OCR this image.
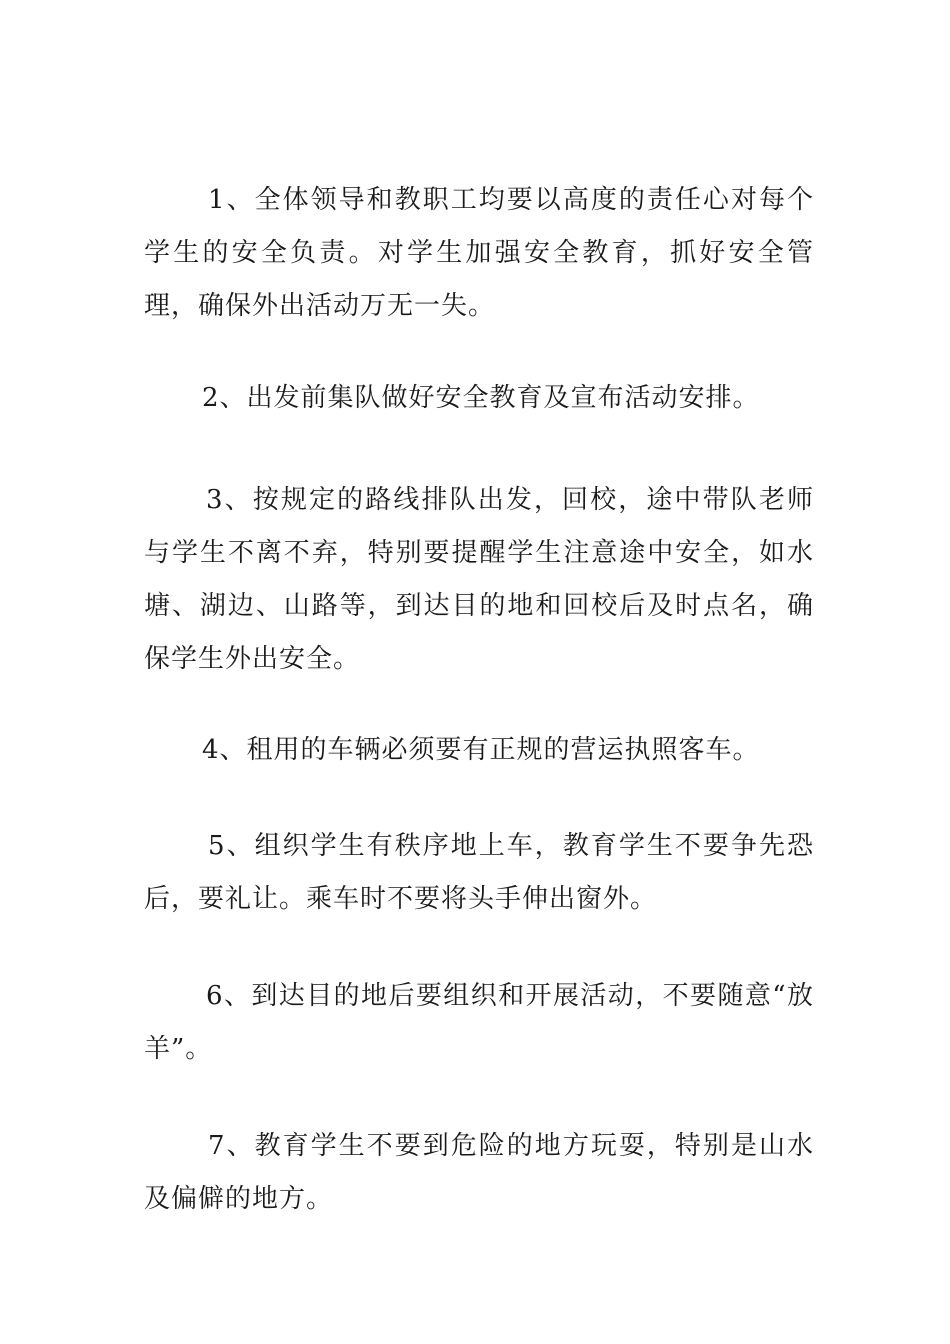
1、全体领导和教职工均要以高度的责任心对每个学生的安全负责。对学生加强安全教育，抓好安全管理，确保外出活动万无一失。

2、出发前集队做好安全教育及宣布活动安排。

3、按规定的路线排队出发，回校，途中带队老师与学生不离不弃，特别要提醒学生注意途中安全，如水塘、湖边、山路等，到达目的地和回校后及时点名，确保学生外出安全。

4、租用的车辆必须要有正规的营运执照客车。

5、组织学生有秩序地上车，教育学生不要争先恐后，要礼让。乘车时不要将头手伸出窗外。

6、到达目的地后要组织和开展活动，不要随意“放羊”。

7、教育学生不要到危险的地方玩耍，特别是山水及偏僻的地方。
